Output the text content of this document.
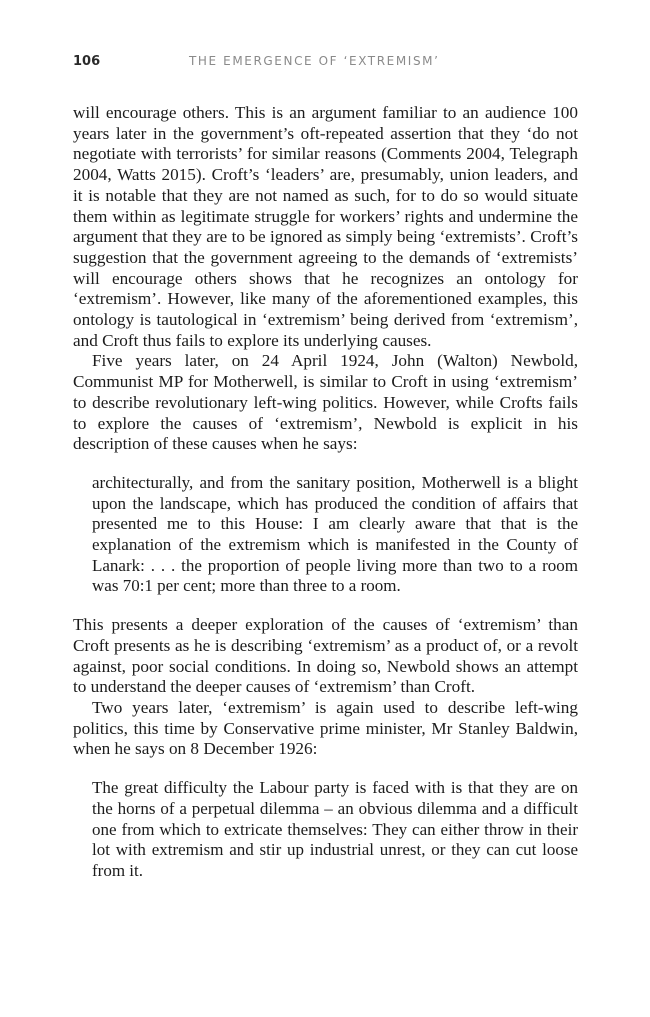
106	THE EMERGENCE OF ‘EXTREMISM’

will encourage others. This is an argument familiar to an audience 100 years later in the government’s oft-repeated assertion that they ‘do not negotiate with terrorists’ for similar reasons (Comments 2004, Telegraph 2004, Watts 2015). Croft’s ‘leaders’ are, presumably, union leaders, and it is notable that they are not named as such, for to do so would situate them within as legitimate struggle for workers’ rights and undermine the argument that they are to be ignored as simply being ‘extremists’. Croft’s suggestion that the government agreeing to the demands of ‘extremists’ will encourage others shows that he recognizes an ontology for ‘extremism’. However, like many of the aforementioned examples, this ontology is tautological in ‘extremism’ being derived from ‘extremism’, and Croft thus fails to explore its underlying causes.

Five years later, on 24 April 1924, John (Walton) Newbold, Communist MP for Motherwell, is similar to Croft in using ‘extremism’ to describe revolutionary left-wing politics. However, while Crofts fails to explore the causes of ‘extremism’, Newbold is explicit in his description of these causes when he says:

architecturally, and from the sanitary position, Motherwell is a blight upon the landscape, which has produced the condition of affairs that presented me to this House: I am clearly aware that that is the explanation of the extremism which is manifested in the County of Lanark: . . . the proportion of people living more than two to a room was 70:1 per cent; more than three to a room.

This presents a deeper exploration of the causes of ‘extremism’ than Croft presents as he is describing ‘extremism’ as a product of, or a revolt against, poor social conditions. In doing so, Newbold shows an attempt to understand the deeper causes of ‘extremism’ than Croft.

Two years later, ‘extremism’ is again used to describe left-wing politics, this time by Conservative prime minister, Mr Stanley Baldwin, when he says on 8 December 1926:

The great difficulty the Labour party is faced with is that they are on the horns of a perpetual dilemma – an obvious dilemma and a difficult one from which to extricate themselves: They can either throw in their lot with extremism and stir up industrial unrest, or they can cut loose from it.
